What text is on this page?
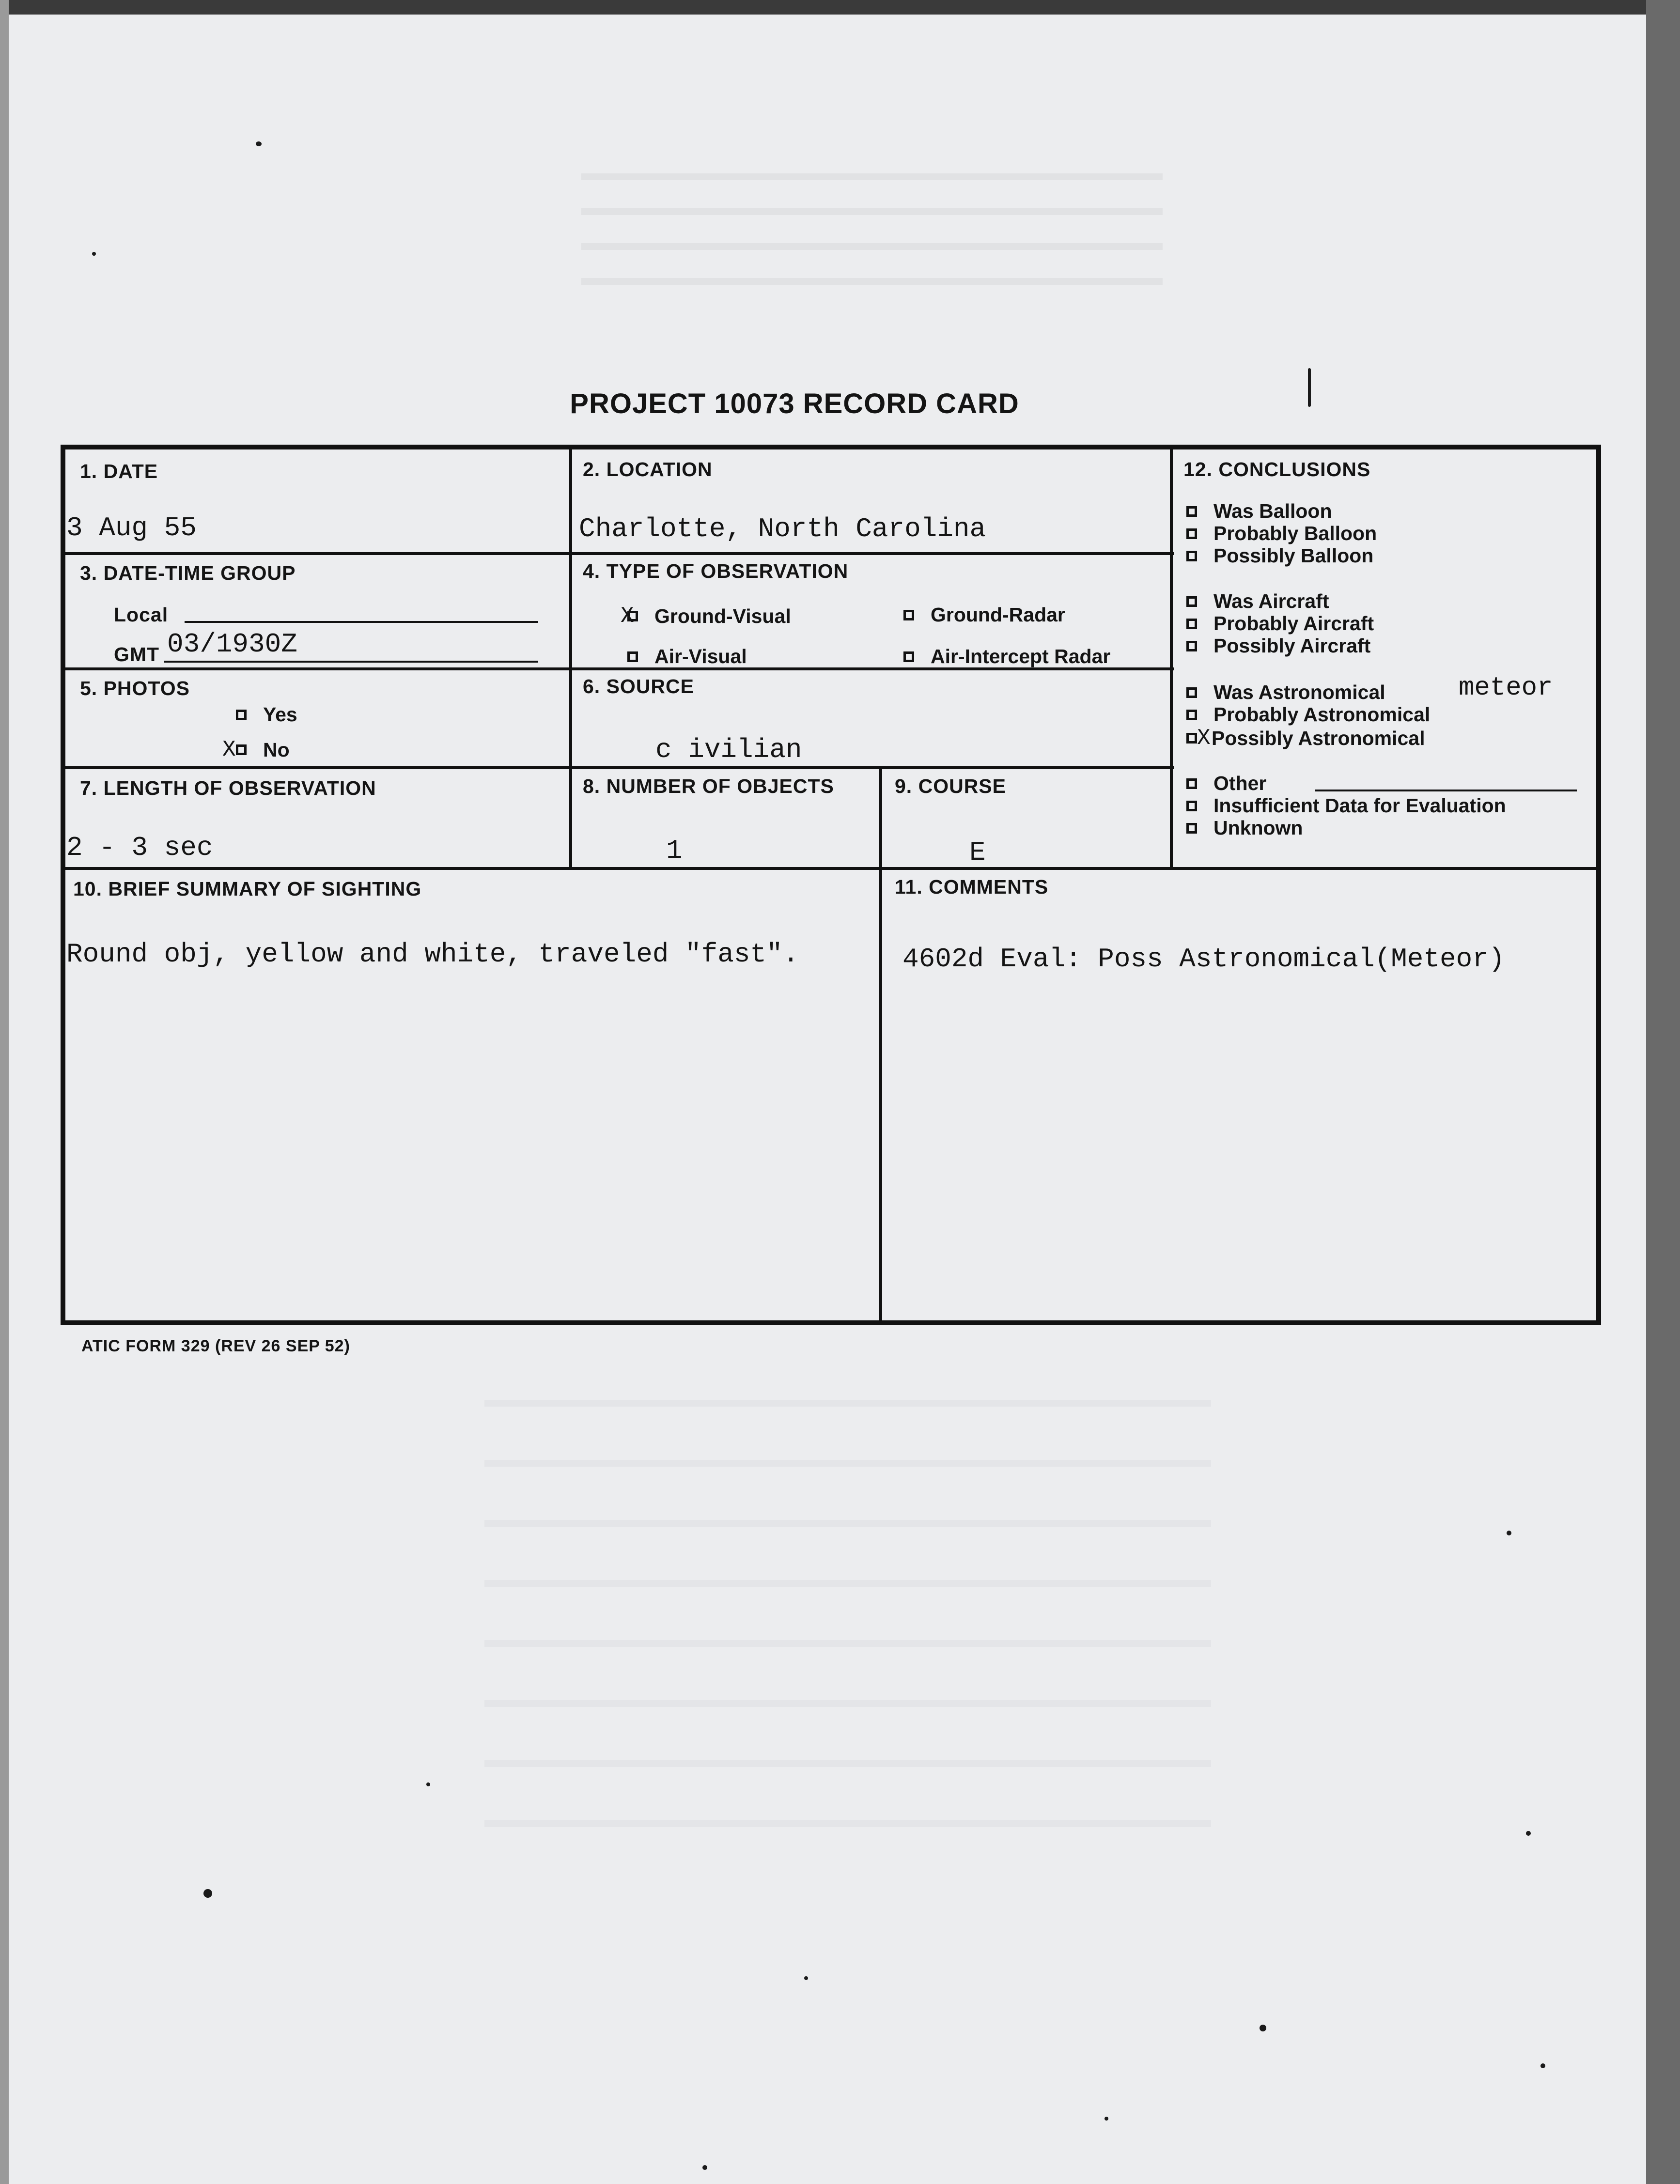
PROJECT 10073 RECORD CARD
1. DATE
3 Aug 55
2. LOCATION
Charlotte, North Carolina
3. DATE-TIME GROUP
Local
GMT 03/1930Z
4. TYPE OF OBSERVATION
X	Ground-Visual	Ground-Radar
Air-Visual	Air-Intercept Radar
5. PHOTOS
Yes
X	No
6. SOURCE
c ivilian
7. LENGTH OF OBSERVATION
2 - 3 sec
8. NUMBER OF OBJECTS
1
9. COURSE
E
10. BRIEF SUMMARY OF SIGHTING
Round obj, yellow and white, traveled "fast".
11. COMMENTS
4602d Eval: Poss Astronomical(Meteor)
12. CONCLUSIONS
Was Balloon
Probably Balloon
Possibly Balloon
Was Aircraft
Probably Aircraft
Possibly Aircraft
Was Astronomical	meteor
Probably Astronomical
X Possibly Astronomical
Other
Insufficient Data for Evaluation
Unknown
ATIC FORM 329 (REV 26 SEP 52)
